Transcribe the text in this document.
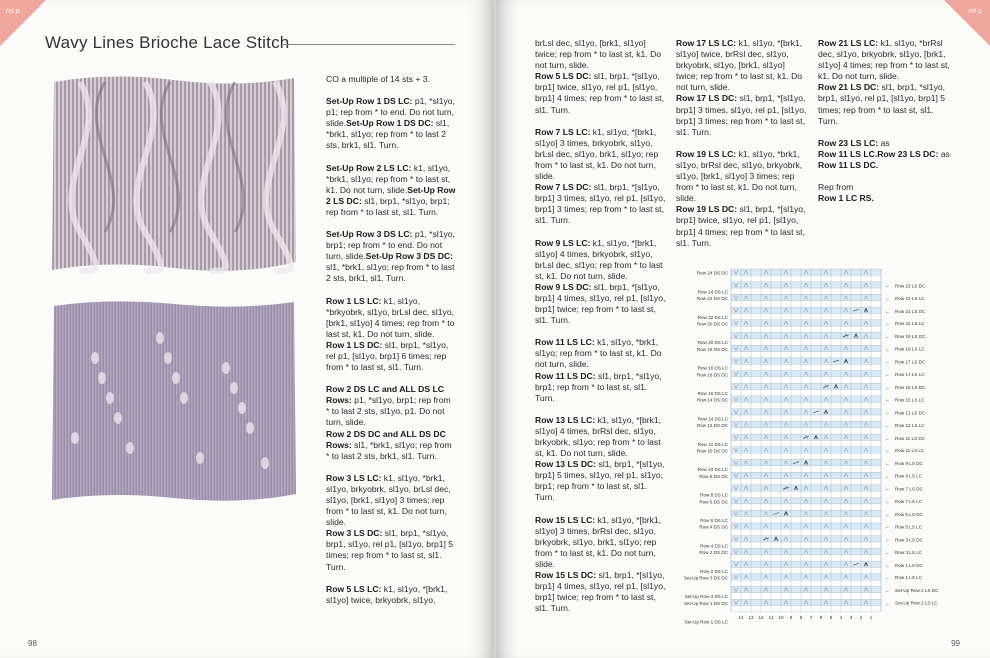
rel p
Wavy Lines Brioche Lace Stitch

CO a multiple of 14 sts + 3.

Set-Up Row 1 DS LC: p1, *sl1yo, p1; rep from * to end. Do not turn, slide.Set-Up Row 1 DS DC: sl1, *brk1, sl1yo; rep from * to last 2 sts, brk1, sl1. Turn.

Set-Up Row 2 LS LC: k1, sl1yo, *brk1, sl1yo; rep from * to last st, k1. Do not turn, slide.Set-Up Row 2 LS DC: sl1, brp1, *sl1yo, brp1; rep from * to last st, sl1. Turn.

Set-Up Row 3 DS LC: p1, *sl1yo, brp1; rep from * to end. Do not turn, slide.Set-Up Row 3 DS DC: sl1, *brk1, sl1yo; rep from * to last 2 sts, brk1, sl1. Turn.

Row 1 LS LC: k1, sl1yo, *brkyobrk, sl1yo, brLsl dec, sl1yo, [brk1, sl1yo] 4 times; rep from * to last st, k1. Do not turn, slide.
Row 1 LS DC: sl1, brp1, *sl1yo, rel p1, [sl1yo, brp1] 6 times; rep from * to last st, sl1. Turn.

Row 2 DS LC and ALL DS LC Rows: p1, *sl1yo, brp1; rep from * to last 2 sts, sl1yo, p1. Do not turn, slide.
Row 2 DS DC and ALL DS DC Rows: sl1, *brk1, sl1yo; rep from * to last 2 sts, brk1, sl1. Turn.

Row 3 LS LC: k1, sl1yo, *brk1, sl1yo, brkyobrk, sl1yo, brLsl dec, sl1yo, [brk1, sl1yo] 3 times; rep from * to last st, k1. Do not turn, slide.
Row 3 LS DC: sl1, brp1, *sl1yo, brp1, sl1yo, rel p1, [sl1yo, brp1] 5 times; rep from * to last st, sl1. Turn.

Row 5 LS LC: k1, sl1yo, *[brk1, sl1yo] twice, brkyobrk, sl1yo,

98
rel p
99

brLsl dec, sl1yo, [brk1, sl1yo] twice; rep from * to last st, k1. Do not turn, slide.
Row 5 LS DC: sl1, brp1, *[sl1yo, brp1] twice, sl1yo, rel p1, [sl1yo, brp1] 4 times; rep from * to last st, sl1. Turn.

Row 7 LS LC: k1, sl1yo, *[brk1, sl1yo] 3 times, brkyobrk, sl1yo, brLsl dec, sl1yo, brk1, sl1yo; rep from * to last st, k1. Do not turn, slide.
Row 7 LS DC: sl1, brp1, *[sl1yo, brp1] 3 times, sl1yo, rel p1, [sl1yo, brp1] 3 times; rep from * to last st, sl1. Turn.

Row 9 LS LC: k1, sl1yo, *[brk1, sl1yo] 4 times, brkyobrk, sl1yo, brLsl dec, sl1yo; rep from * to last st, k1. Do not turn, slide.
Row 9 LS DC: sl1, brp1, *[sl1yo, brp1] 4 times, sl1yo, rel p1, [sl1yo, brp1] twice; rep from * to last st, sl1. Turn.

Row 11 LS LC: k1, sl1yo, *brk1, sl1yo; rep from * to last st, k1. Do not turn, slide.
Row 11 LS DC: sl1, brp1, *sl1yo, brp1; rep from * to last st, sl1. Turn.

Row 13 LS LC: k1, sl1yo, *[brk1, sl1yo] 4 times, brRsl dec, sl1yo, brkyobrk, sl1yo; rep from * to last st, k1. Do not turn, slide.
Row 13 LS DC: sl1, brp1, *[sl1yo, brp1] 5 times, sl1yo, rel p1, sl1yo, brp1; rep from * to last st, sl1. Turn.

Row 15 LS LC: k1, sl1yo, *[brk1, sl1yo] 3 times, brRsl dec, sl1yo, brkyobrk, sl1yo, brk1, sl1yo; rep from * to last st, k1. Do not turn, slide.
Row 15 LS DC: sl1, brp1, *[sl1yo, brp1] 4 times, sl1yo, rel p1, [sl1yo, brp1] twice; rep from * to last st, sl1. Turn.

Row 17 LS LC: k1, sl1yo, *[brk1, sl1yo] twice, brRsl dec, sl1yo, brkyobrk, sl1yo, [brk1, sl1yo] twice; rep from * to last st, k1. Do not turn, slide.
Row 17 LS DC: sl1, brp1, *[sl1yo, brp1] 3 times, sl1yo, rel p1, [sl1yo, brp1] 3 times; rep from * to last st, sl1. Turn.

Row 19 LS LC: k1, sl1yo, *brk1, sl1yo, brRsl dec, sl1yo, brkyobrk, sl1yo, [brk1, sl1yo] 3 times; rep from * to last st, k1. Do not turn, slide.
Row 19 LS DC: sl1, brp1, *[sl1yo, brp1] twice, sl1yo, rel p1, [sl1yo, brp1] 4 times; rep from * to last st, sl1. Turn.

Row 21 LS LC: k1, sl1yo, *brRsl dec, sl1yo, brkyobrk, sl1yo, [brk1, sl1yo] 4 times; rep from * to last st, k1. Do not turn, slide.
Row 21 LS DC: sl1, brp1, *sl1yo, brp1, sl1yo, rel p1, [sl1yo, brp1] 5 times; rep from * to last st, sl1. Turn.

Row 23 LS LC: as
Row 11 LS LC.Row 23 LS DC: as
Row 11 LS DC.

Rep from
Row 1 LC RS.

Row 24 DS DC
Row 24 DS LC
Row 22 DS DC
Row 22 DS LC
Row 20 DS DC
Row 20 DS LC
Row 18 DS DC
Row 18 DS LC
Row 16 DS DC
Row 16 DS LC
Row 14 DS DC
Row 14 DS LC
Row 12 DS DC
Row 12 DS LC
Row 10 DS DC
Row 10 DS LC
Row 8 DS DC
Row 8 DS LC
Row 6 DS DC
Row 6 DS LC
Row 4 DS DC
Row 4 DS LC
Row 2 DS DC
Row 2 DS LC
Set-Up Row 3 DS DC
Set-Up Row 3 DS LC
Set-Up Row 1 DS DC
Set-Up Row 1 DS LC
Row 23 LS DC
Row 23 LS LC
Row 21 LS DC
Row 21 LS LC
Row 19 LS DC
Row 19 LS LC
Row 17 LS DC
Row 17 LS LC
Row 15 LS DC
Row 15 LS LC
Row 13 LS DC
Row 13 LS LC
Row 11 LS DC
Row 11 LS LC
Row 9 LS DC
Row 9 LS LC
Row 7 LS DC
Row 7 LS LC
Row 5 LS DC
Row 5 LS LC
Row 3 LS DC
Row 3 LS LC
Row 1 LS DC
Row 1 LS LC
Set-Up Row 2 LS DC
Set-Up Row 2 LS LC
←
←
←
←
←
←
←
←
←
←
←
←
←
←
←
←
←
←
←
←
←
←
←
←
←
←
14 13 12 11 10 9 8 7 6 5 4 3 2 1
